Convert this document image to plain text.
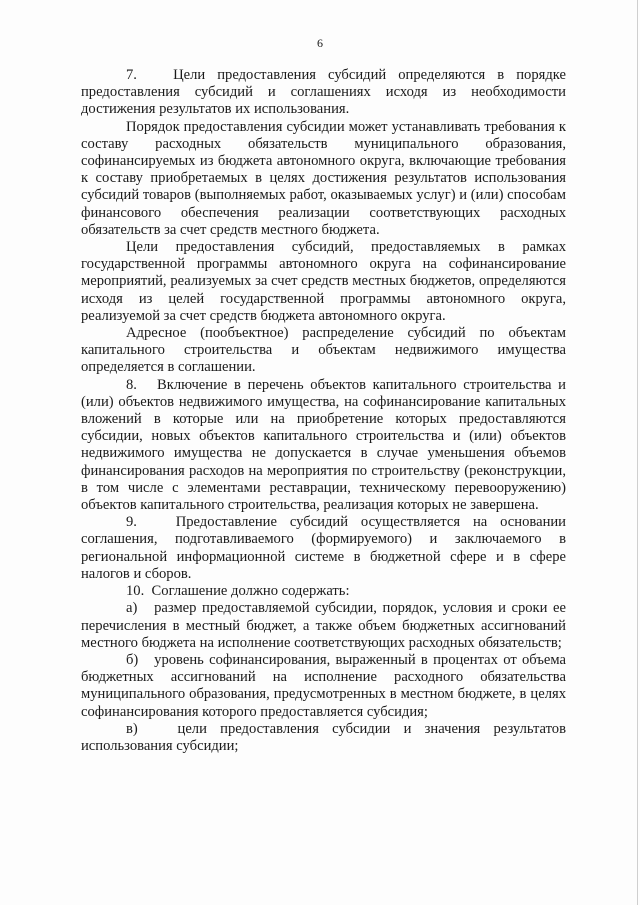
6

7.   Цели предоставления субсидий определяются в порядке предоставления субсидий и соглашениях исходя из необходимости достижения результатов их использования.

Порядок предоставления субсидии может устанавливать требования к составу расходных обязательств муниципального образования, софинансируемых из бюджета автономного округа, включающие требования к составу приобретаемых в целях достижения результатов использования субсидий товаров (выполняемых работ, оказываемых услуг) и (или) способам финансового обеспечения реализации соответствующих расходных обязательств за счет средств местного бюджета.

Цели предоставления субсидий, предоставляемых в рамках государственной программы автономного округа на софинансирование мероприятий, реализуемых за счет средств местных бюджетов, определяются исходя из целей государственной программы автономного округа, реализуемой за счет средств бюджета автономного округа.

Адресное (пообъектное) распределение субсидий по объектам капитального строительства и объектам недвижимого имущества определяется в соглашении.

8.   Включение в перечень объектов капитального строительства и (или) объектов недвижимого имущества, на софинансирование капитальных вложений в которые или на приобретение которых предоставляются субсидии, новых объектов капитального строительства и (или) объектов недвижимого имущества не допускается в случае уменьшения объемов финансирования расходов на мероприятия по строительству (реконструкции, в том числе с элементами реставрации, техническому перевооружению) объектов капитального строительства, реализация которых не завершена.

9.   Предоставление субсидий осуществляется на основании соглашения, подготавливаемого (формируемого) и заключаемого в региональной информационной системе в бюджетной сфере и в сфере налогов и сборов.

10.  Соглашение должно содержать:

а)   размер предоставляемой субсидии, порядок, условия и сроки ее перечисления в местный бюджет, а также объем бюджетных ассигнований местного бюджета на исполнение соответствующих расходных обязательств;

б)   уровень софинансирования, выраженный в процентах от объема бюджетных ассигнований на исполнение расходного обязательства муниципального образования, предусмотренных в местном бюджете, в целях софинансирования которого предоставляется субсидия;

в)   цели предоставления субсидии и значения результатов использования субсидии;
